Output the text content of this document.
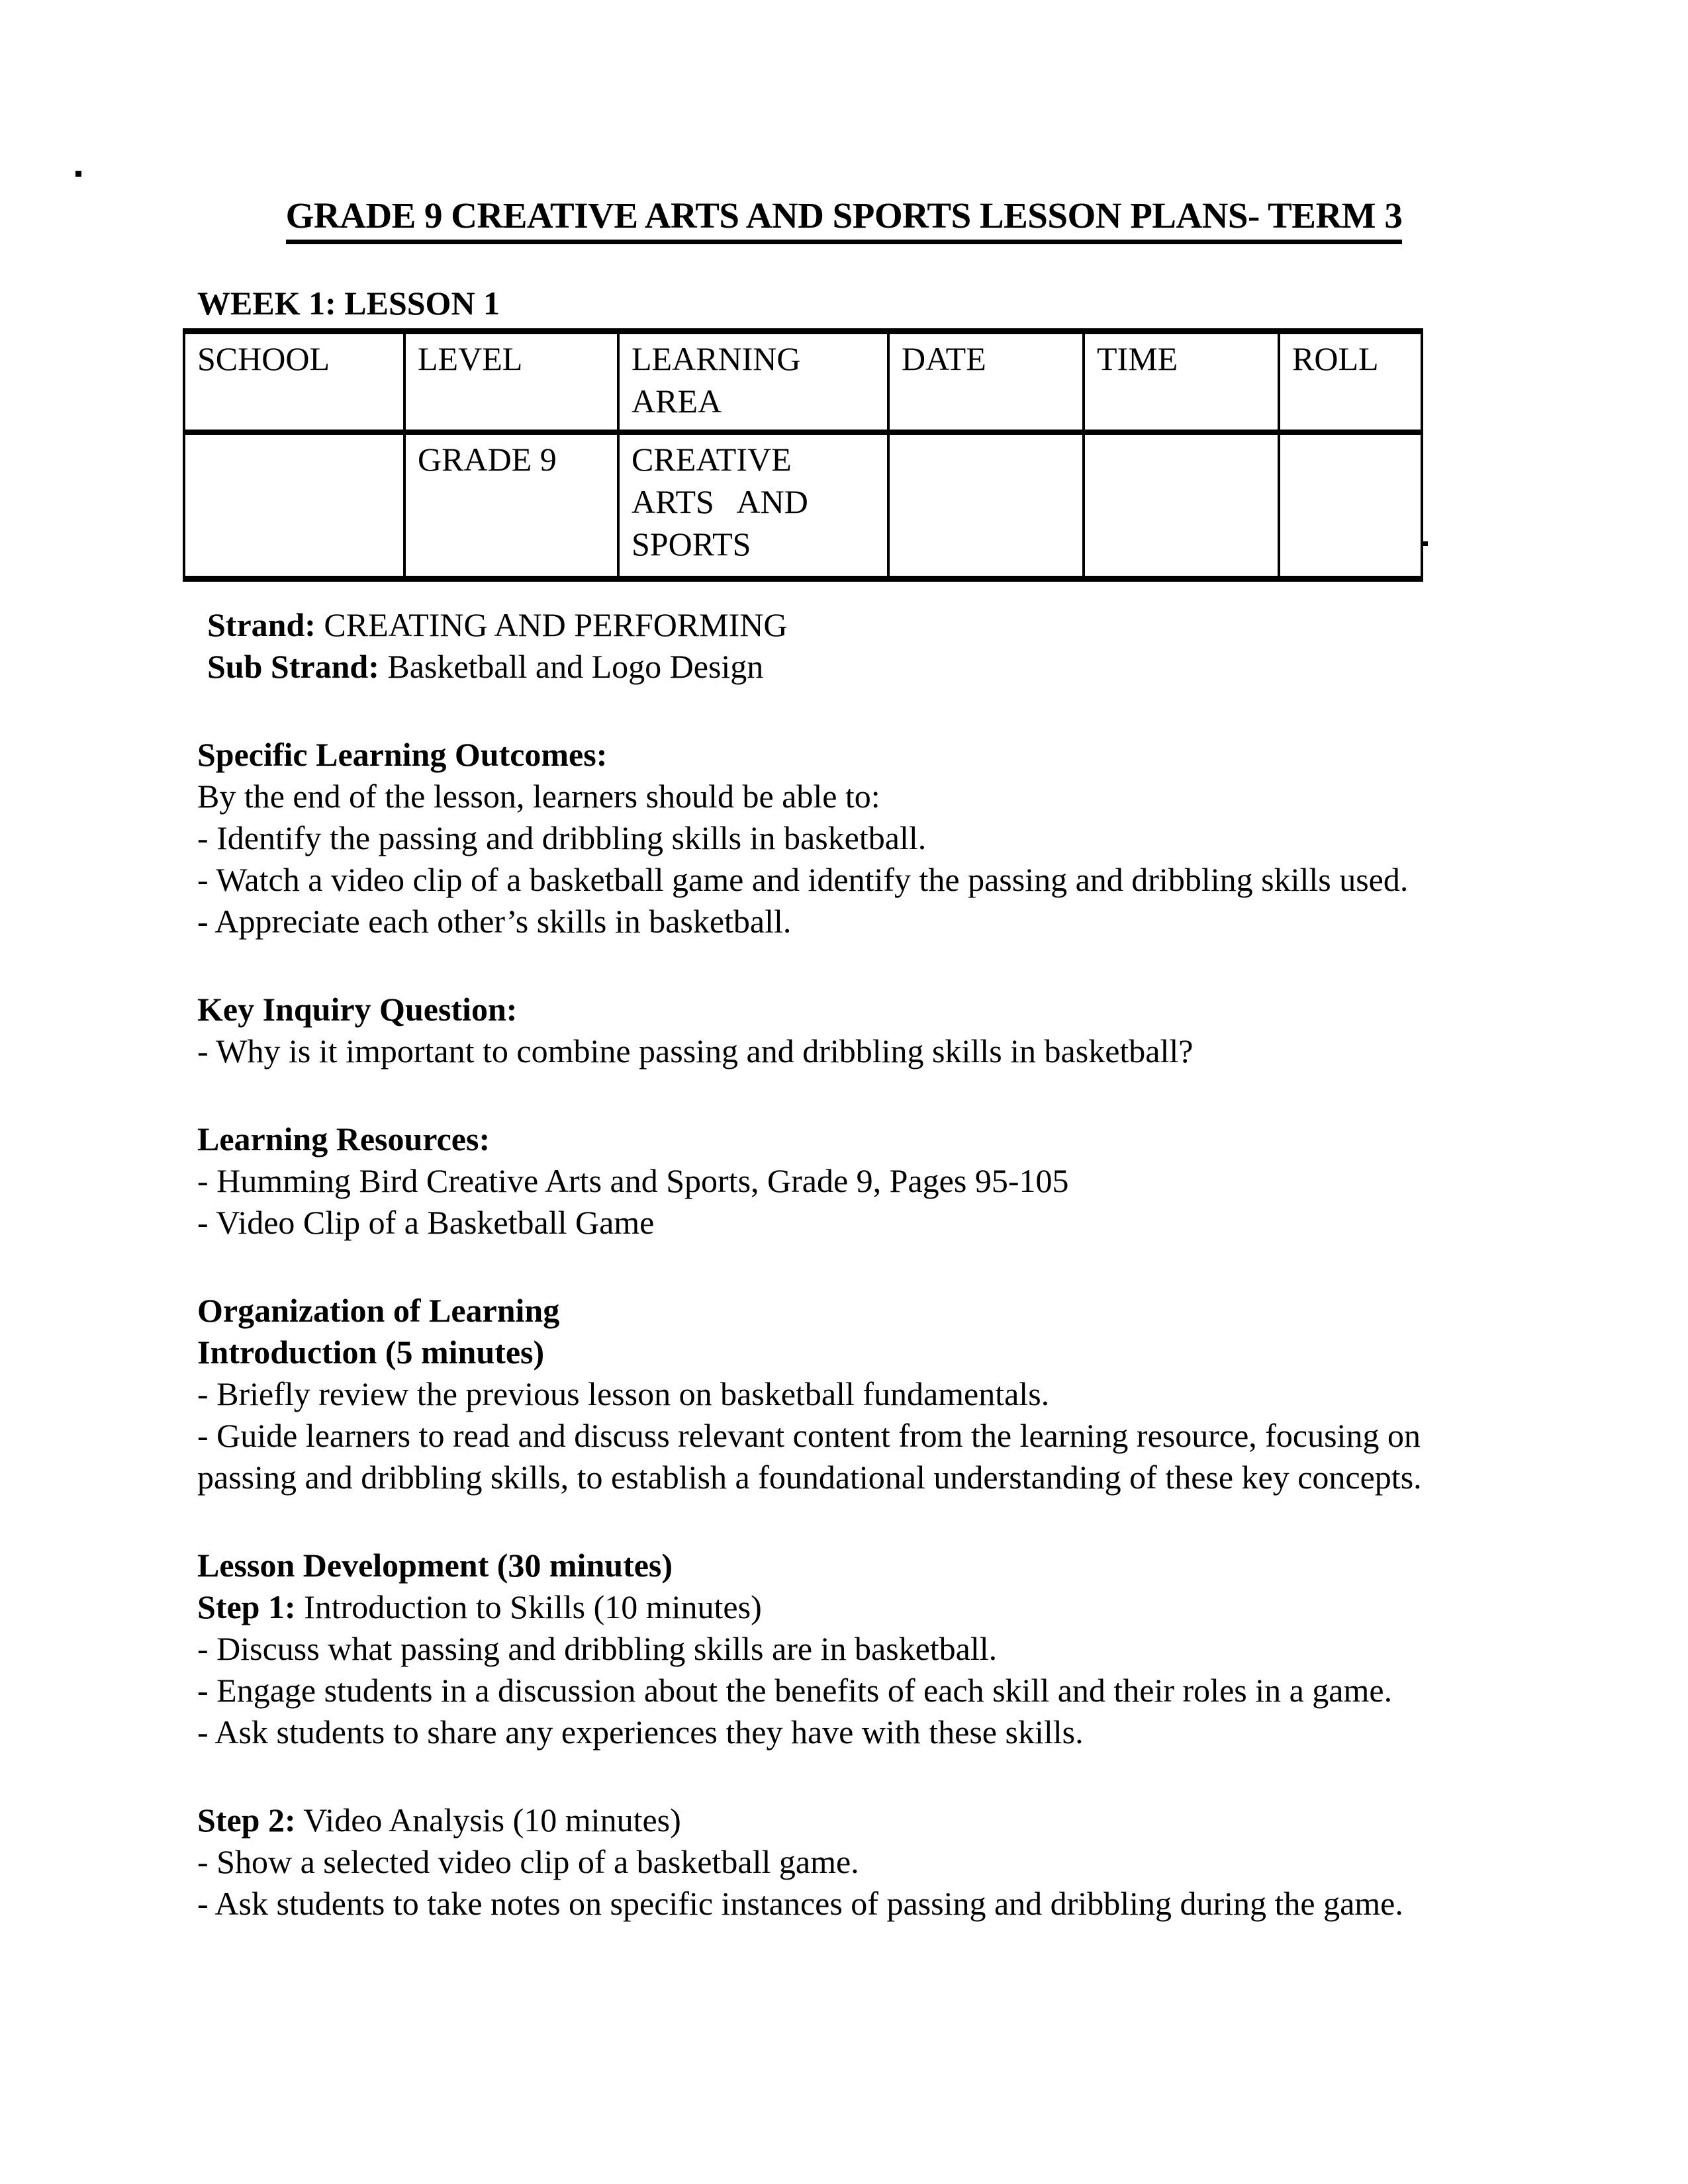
GRADE 9 CREATIVE ARTS AND SPORTS LESSON PLANS- TERM 3
WEEK 1: LESSON 1
SCHOOL	LEVEL	LEARNING AREA	DATE	TIME	ROLL
	GRADE 9	CREATIVE ARTS AND SPORTS			
Strand: CREATING AND PERFORMING
Sub Strand: Basketball and Logo Design
Specific Learning Outcomes:
By the end of the lesson, learners should be able to:
- Identify the passing and dribbling skills in basketball.
- Watch a video clip of a basketball game and identify the passing and dribbling skills used.
- Appreciate each other’s skills in basketball.
Key Inquiry Question:
- Why is it important to combine passing and dribbling skills in basketball?
Learning Resources:
- Humming Bird Creative Arts and Sports, Grade 9, Pages 95-105
- Video Clip of a Basketball Game
Organization of Learning
Introduction (5 minutes)
- Briefly review the previous lesson on basketball fundamentals.
- Guide learners to read and discuss relevant content from the learning resource, focusing on
passing and dribbling skills, to establish a foundational understanding of these key concepts.
Lesson Development (30 minutes)
Step 1: Introduction to Skills (10 minutes)
- Discuss what passing and dribbling skills are in basketball.
- Engage students in a discussion about the benefits of each skill and their roles in a game.
- Ask students to share any experiences they have with these skills.
Step 2: Video Analysis (10 minutes)
- Show a selected video clip of a basketball game.
- Ask students to take notes on specific instances of passing and dribbling during the game.
